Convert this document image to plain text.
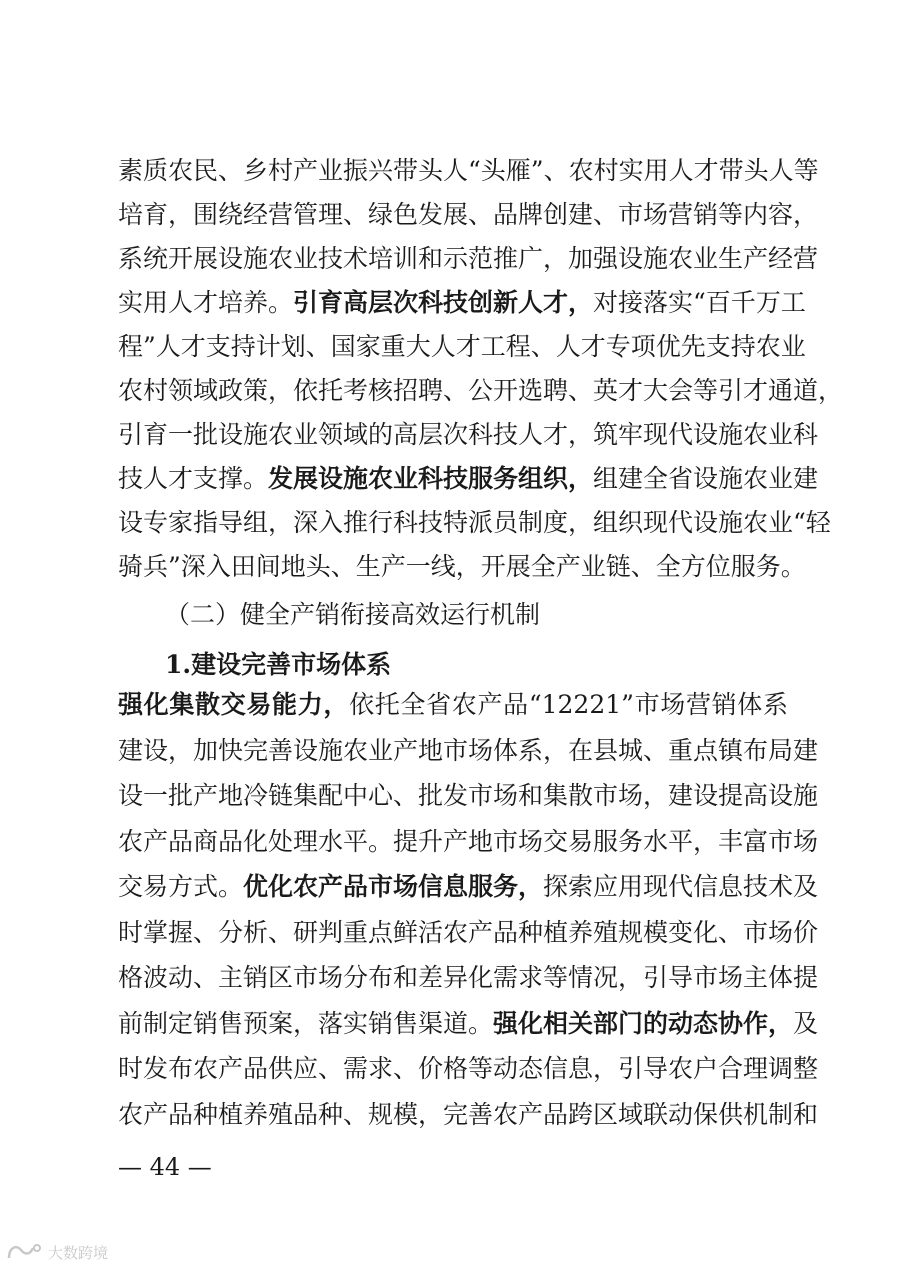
素质农民、乡村产业振兴带头人“头雁”、农村实用人才带头人等
培育，围绕经营管理、绿色发展、品牌创建、市场营销等内容，
系统开展设施农业技术培训和示范推广，加强设施农业生产经营
实用人才培养。引育高层次科技创新人才，对接落实“百千万工
程”人才支持计划、国家重大人才工程、人才专项优先支持农业
农村领域政策，依托考核招聘、公开选聘、英才大会等引才通道，
引育一批设施农业领域的高层次科技人才，筑牢现代设施农业科
技人才支撑。发展设施农业科技服务组织，组建全省设施农业建
设专家指导组，深入推行科技特派员制度，组织现代设施农业“轻
骑兵”深入田间地头、生产一线，开展全产业链、全方位服务。
（二）健全产销衔接高效运行机制
1.建设完善市场体系
强化集散交易能力，依托全省农产品“12221”市场营销体系
建设，加快完善设施农业产地市场体系，在县城、重点镇布局建
设一批产地冷链集配中心、批发市场和集散市场，建设提高设施
农产品商品化处理水平。提升产地市场交易服务水平，丰富市场
交易方式。优化农产品市场信息服务，探索应用现代信息技术及
时掌握、分析、研判重点鲜活农产品种植养殖规模变化、市场价
格波动、主销区市场分布和差异化需求等情况，引导市场主体提
前制定销售预案，落实销售渠道。强化相关部门的动态协作，及
时发布农产品供应、需求、价格等动态信息，引导农户合理调整
农产品种植养殖品种、规模，完善农产品跨区域联动保供机制和
— 44 —
大数跨境
